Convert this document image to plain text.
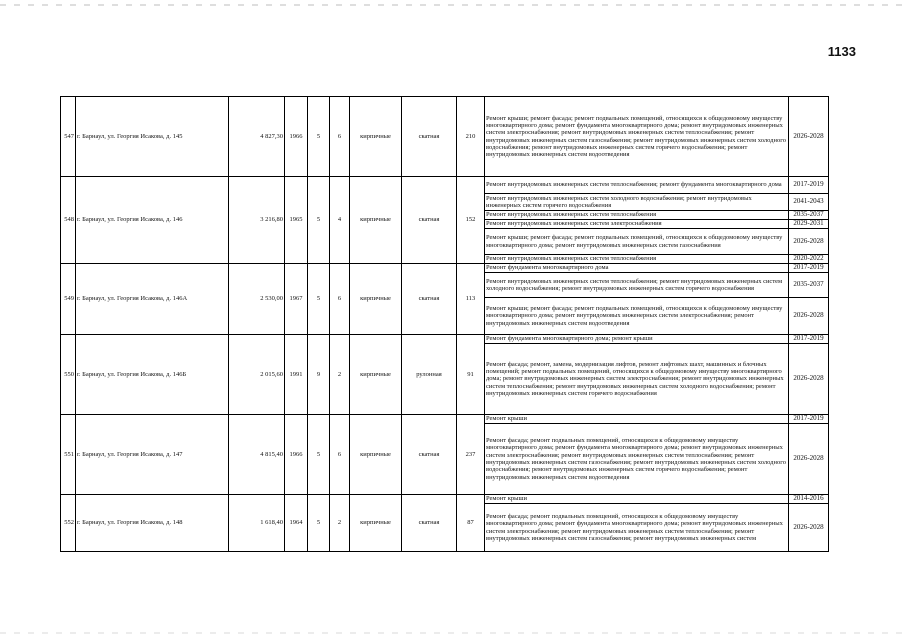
1133
547	г. Барнаул, ул. Георгия Исакова, д. 145	4 827,30	1966	5	6	кирпичные	скатная	210	Ремонт крыши; ремонт фасада; ремонт подвальных помещений, относящихся к общедомовому имуществу многоквартирного дома; ремонт фундамента многоквартирного дома; ремонт внутридомовых инженерных систем электроснабжения; ремонт внутридомовых инженерных систем теплоснабжения; ремонт внутридомовых инженерных систем газоснабжения; ремонт внутридомовых инженерных систем холодного водоснабжения; ремонт внутридомовых инженерных систем горячего водоснабжения; ремонт внутридомовых инженерных систем водоотведения	2026-2028
548	г. Барнаул, ул. Георгия Исакова, д. 146	3 216,80	1965	5	4	кирпичные	скатная	152	Ремонт внутридомовых инженерных систем теплоснабжения; ремонт фундамента многоквартирного дома	2017-2019
									Ремонт внутридомовых инженерных систем холодного водоснабжения; ремонт внутридомовых инженерных систем горячего водоснабжения	2041-2043
									Ремонт внутридомовых инженерных систем теплоснабжения	2035-2037
									Ремонт внутридомовых инженерных систем электроснабжения	2029-2031
									Ремонт крыши; ремонт фасада; ремонт подвальных помещений, относящихся к общедомовому имуществу многоквартирного дома; ремонт внутридомовых инженерных систем газоснабжения	2026-2028
									Ремонт внутридомовых инженерных систем теплоснабжения	2020-2022
549	г. Барнаул, ул. Георгия Исакова, д. 146А	2 530,00	1967	5	6	кирпичные	скатная	113	Ремонт фундамента многоквартирного дома	2017-2019
									Ремонт внутридомовых инженерных систем теплоснабжения; ремонт внутридомовых инженерных систем холодного водоснабжения; ремонт внутридомовых инженерных систем горячего водоснабжения	2035-2037
									Ремонт крыши; ремонт фасада; ремонт подвальных помещений, относящихся к общедомовому имуществу многоквартирного дома; ремонт внутридомовых инженерных систем электроснабжения; ремонт внутридомовых инженерных систем водоотведения	2026-2028
550	г. Барнаул, ул. Георгия Исакова, д. 146Б	2 015,60	1991	9	2	кирпичные	рулонная	91	Ремонт фундамента многоквартирного дома; ремонт крыши	2017-2019
									Ремонт фасада; ремонт, замена, модернизация лифтов, ремонт лифтовых шахт, машинных и блочных помещений; ремонт подвальных помещений, относящихся к общедомовому имуществу многоквартирного дома; ремонт внутридомовых инженерных систем электроснабжения; ремонт внутридомовых инженерных систем теплоснабжения; ремонт внутридомовых инженерных систем холодного водоснабжения; ремонт внутридомовых инженерных систем горячего водоснабжения	2026-2028
551	г. Барнаул, ул. Георгия Исакова, д. 147	4 815,40	1966	5	6	кирпичные	скатная	237	Ремонт крыши	2017-2019
									Ремонт фасада; ремонт подвальных помещений, относящихся к общедомовому имуществу многоквартирного дома; ремонт фундамента многоквартирного дома; ремонт внутридомовых инженерных систем электроснабжения; ремонт внутридомовых инженерных систем теплоснабжения; ремонт внутридомовых инженерных систем газоснабжения; ремонт внутридомовых инженерных систем холодного водоснабжения; ремонт внутридомовых инженерных систем горячего водоснабжения; ремонт внутридомовых инженерных систем водоотведения	2026-2028
552	г. Барнаул, ул. Георгия Исакова, д. 148	1 618,40	1964	5	2	кирпичные	скатная	87	Ремонт крыши	2014-2016
									Ремонт фасада; ремонт подвальных помещений, относящихся к общедомовому имуществу многоквартирного дома; ремонт фундамента многоквартирного дома; ремонт внутридомовых инженерных систем электроснабжения; ремонт внутридомовых инженерных систем теплоснабжения; ремонт внутридомовых инженерных систем газоснабжения; ремонт внутридомовых инженерных систем	2026-2028
